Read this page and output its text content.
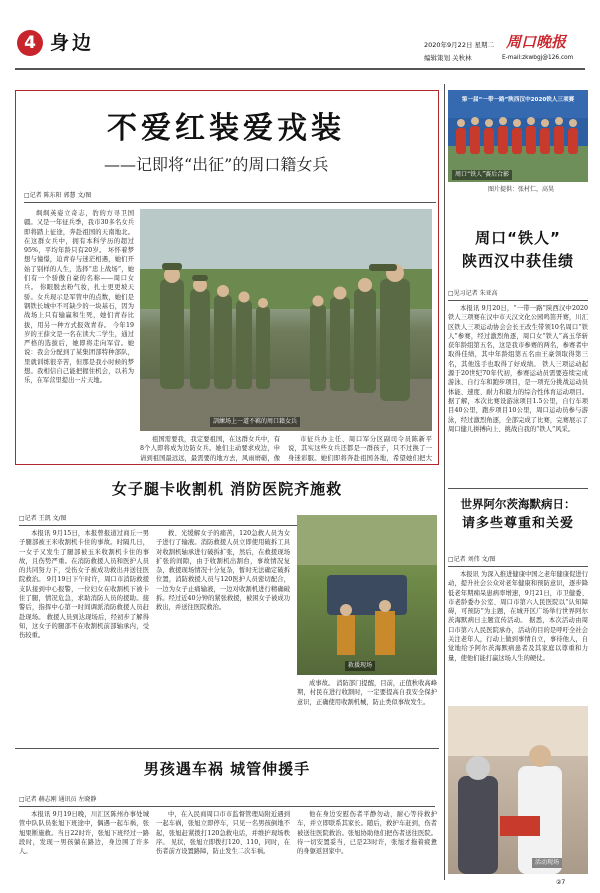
4 身边	2020年9月22日 星期二
编辑策划 关秋林
周口晚报
E-mail:zkwbgj@126.com
不爱红装爱戎装
——记即将“出征”的周口籍女兵
□记者 陈东阳 郭慧 文/图
訓練场上一道不羁的周口籍女兵
飒飒英姿立奇志，豹的方寻卫国疆。又是一年征兵季，我市30多名女兵即将踏上征途，奔赴祖国的天南地北。在这群女兵中，拥有本科学历的超过95%，平均年龄只有20岁。 坏怀着梦想与憧憬，迫青春与迷茫相遇，她们开始了别样的人生，选择“忠上战场”，她们有一个骄傲自豪的名称——周口女兵。 你眼脱去粉气妆，扎士更更坡天骄。女兵现示是军管中的点数，她们是钢铁长城中不可缺少的一块基石，因为战场上只有输赢和生死，她们青春比拔，用另一种方式报效青春。 今年19岁的王薛文是一名在读大二学生，通过严格的选拔后，她即将走向军营。她说：我会分配到了某集团部特种部队，里就训练很辛苦，但那是我小时候的梦想。我相信自己能把握住机会，以若为乐，在军营里提出一片天地。
祖国需要我，我定要祖国，在这群女兵中，有8个人即将成为边防女兵。她们主动要求戍边，申请到祖国最远远，最需要的地方去，风雨磨砺，像
市征兵办主任、周口军分区副司令员陈新平说，其实这些女兵还都是一群孩子，只不过换了一身迷彩服。她们即将奔赴祖国各地，希望她们把大
女子腿卡收割机 消防医院齐施救
□记者 王凯 文/图
本报讯 9月15日，本报曾报道过商丘一男子腿部被王米收割机卡住的事故。时隔几日，一女子又发生了腿部被玉米收割机卡住的事故，且伤势严重。在消防救援人员和医护人员的共同努力下，受伤女子被成功救出并送往医院救治。 9月19日下午时许，周口市消防救援支队接到中心报警，一位妇女在收割机下被卡住了腿，情况危急，求助消防人员的援助。接警后，指挥中心第一时间调派消防救援人员赶赴现场。 救援人员到达现场后，经初步了解得知，这女子的腿部不在收割机前部轴承内，受伤较重。
救、光缓解女子的痛苦，120急救人员为女子进行了输液。消防救援人员立即使用破拆工具对收割机轴承进行破拆扩张，然后，在救援现场扩张的间隙，由于收割机出割台，事故情况复杂，救援现场情况十分复杂，暂时无法确定破拆位置，消防救援人员与120医护人员密切配合，一边为女子止痛输液，一边对收割机进行精确破拆。经过近40分钟的紧张救援，被困女子被成功救出，并送往医院救治。
救援现场
成事故。 消防部门提醒，目前，正值秋收高峰期，村民在进行收割时，一定要提高自我安全保护意识，正确使用收割机械，防止类似事故发生。
男孩遇车祸 城管伸援手
□记者 赫志刚 通讯员 左晓静
本报讯 9月19日晚，川汇区陈州办事处城管中队队员张旭下班途中，偶遇一起车祸，张旭果断施救。当日22时许，张旭下班经过一路段时，发现一男孩躺在路边，身边围了许多人。
中，在入民商周口市市监督管理局附近遇到一起车祸，张旭立即停车，只见一名男孩倒地不起，张旭赶紧拨打120急救电话，并维护现场秩序。 见状，张旭立即拨打120、110，同时，在伤者前方设置路障，防止发生二次车祸。
他在身边安慰伤者平静勿动，耐心等待救护车，并立即联系其家长。随后，救护车赶到，伤者被送往医院救治。张旭协助他们把伤者送往医院。 待一切安置妥当，已是23时许，张旭才拖着疲惫的身躯返回家中。
第一届“一带一路”陕西汉中2020铁人三项赛
周口“铁人”赛后合影
图片提供：张村仁，高昊
周口“铁人”
陕西汉中获佳绩
□见习记者 朱亚高
本报讯 9月20日，“一带一路”陕西汉中2020铁人三项赛在汉中市天汉文化公园鸣笛开赛，川汇区铁人三项运动协会会长王改生带领10名周口“铁人”参赛，经过激烈角逐，周口女“铁人”高玉华斩获年龄组第五名，这是我市参赛的两名，参赛者中取得佳绩，其中年龄组第五名由王豪领取得第三名，其他选手也取得了好成绩。 铁人三项运动起源于20世纪70年代初，参赛运动员需要连续完成游泳、自行车和跑步项目，是一项充分挑战运动员体能、速度、耐力和毅力的综合性体育运动项目。 据了解，本次比赛设游泳项目1.5公里，自行车项目40公里，跑步项目10公里，周口运动员参与游泳，经过激烈角逐，全部完成了比赛，完赛展示了周口健儿拼搏向上、挑战自我的“铁人”风采。
世界阿尔茨海默病日：
请多些尊重和关爱
□记者 刘伟 文/图
本报讯 为深入推进健康中国之老年健康促进行动，提升社会公众对老年健康和预防意识，逐步降低老年期痴呆患病率增速，9月21日，市卫健委、市老龄委办公室、周口市第六人民医院以“认知障碍，可预防”为主题，在城开区广场举行世界阿尔茨海默病日主题宣传活动。 据悉，本次活动由周口市第六人民医院承办，活动的目的是呼吁全社会关注老年人，行动上做到事情自立，事待他人，自觉地给予阿尔茨海默病患者及其家庭以尊重和力量，使他们能打赢这场人生的硬仗。
活动现场
②7
